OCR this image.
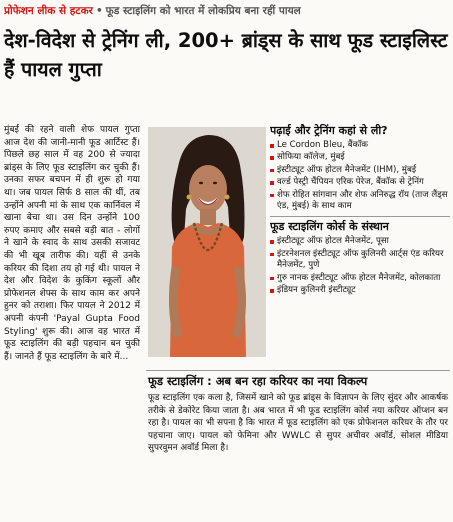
प्रोफेशन लीक से हटकर • फूड स्टाइलिंग को भारत में लोकप्रिय बना रहीं पायल
देश-विदेश से ट्रेनिंग ली, 200+ ब्रांड्स के साथ फूड स्टाइलिस्ट हैं पायल गुप्ता
मुंबई की रहने वाली शेफ पायल गुप्ता आज देश की जानी-मानी फूड आर्टिस्ट हैं। पिछले छह साल में वह 200 से ज्यादा ब्रांड्स के लिए फूड स्टाइलिंग कर चुकी हैं। उनका सफर बचपन में ही शुरू हो गया था। जब पायल सिर्फ 8 साल की थीं, तब उन्होंने अपनी मां के साथ एक कार्निवल में खाना बेचा था। उस दिन उन्होंने 100 रुपए कमाए और सबसे बड़ी बात - लोगों ने खाने के स्वाद के साथ उसकी सजावट की भी खूब तारीफ की। यहीं से उनके करियर की दिशा तय हो गई थी। पायल ने देश और विदेश के कुकिंग स्कूलों और प्रोफेशनल शेफ्स के साथ काम कर अपने हुनर को तराशा। फिर पायल ने 2012 में अपनी कंपनी 'Payal Gupta Food Styling' शुरू की। आज वह भारत में फूड स्टाइलिंग की बड़ी पहचान बन चुकी हैं। जानते हैं फूड स्टाइलिंग के बारे में...
पढ़ाई और ट्रेनिंग कहां से ली?
Le Cordon Bleu, बैंकॉक
सोफिया कॉलेज, मुंबई
इंस्टीट्यूट ऑफ होटल मैनेजमेंट (IHM), मुंबई
वर्ल्ड पेस्ट्री चैंपियन एरिक पेरेज, बैंकॉक से ट्रेनिंग
शेफ रोहित सांगवान और शेफ अनिरुद्ध रॉय (ताज लैंड्स एंड, मुंबई) के साथ काम
फूड स्टाइलिंग कोर्स के संस्थान
इंस्टीट्यूट ऑफ होटल मैनेजमेंट, पूसा
इंटरनेशनल इंस्टीट्यूट ऑफ कुलिनरी आर्ट्स एंड करियर मैनेजमेंट, पुणे
गुरु नानक इंस्टीट्यूट ऑफ होटल मैनेजमेंट, कोलकाता
इंडियन कुलिनरी इंस्टीट्यूट
फूड स्टाइलिंग : अब बन रहा करियर का नया विकल्प
फूड स्टाइलिंग एक कला है, जिसमें खाने को फूड ब्रांड्स के विज्ञापन के लिए सुंदर और आकर्षक तरीके से डेकोरेट किया जाता है। अब भारत में भी फूड स्टाइलिंग कोर्स नया करियर ऑप्शन बन रहा है। पायल का भी सपना है कि भारत में फूड स्टाइलिंग को एक प्रोफेशनल करियर के तौर पर पहचाना जाए। पायल को फेमिना और WWLC से सुपर अचीवर अवॉर्ड, सोशल मीडिया सुपरवुमन अवॉर्ड मिला है।
